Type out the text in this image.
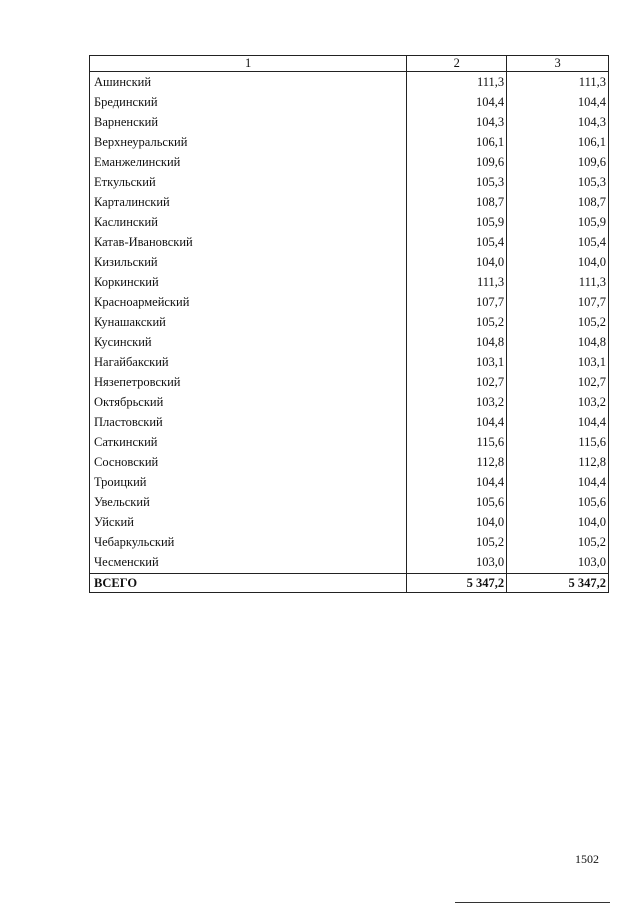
1	2	3
Ашинский	111,3	111,3
Брединский	104,4	104,4
Варненский	104,3	104,3
Верхнеуральский	106,1	106,1
Еманжелинский	109,6	109,6
Еткульский	105,3	105,3
Карталинский	108,7	108,7
Каслинский	105,9	105,9
Катав-Ивановский	105,4	105,4
Кизильский	104,0	104,0
Коркинский	111,3	111,3
Красноармейский	107,7	107,7
Кунашакский	105,2	105,2
Кусинский	104,8	104,8
Нагайбакский	103,1	103,1
Нязепетровский	102,7	102,7
Октябрьский	103,2	103,2
Пластовский	104,4	104,4
Саткинский	115,6	115,6
Сосновский	112,8	112,8
Троицкий	104,4	104,4
Увельский	105,6	105,6
Уйский	104,0	104,0
Чебаркульский	105,2	105,2
Чесменский	103,0	103,0
ВСЕГО	5 347,2	5 347,2
1502
